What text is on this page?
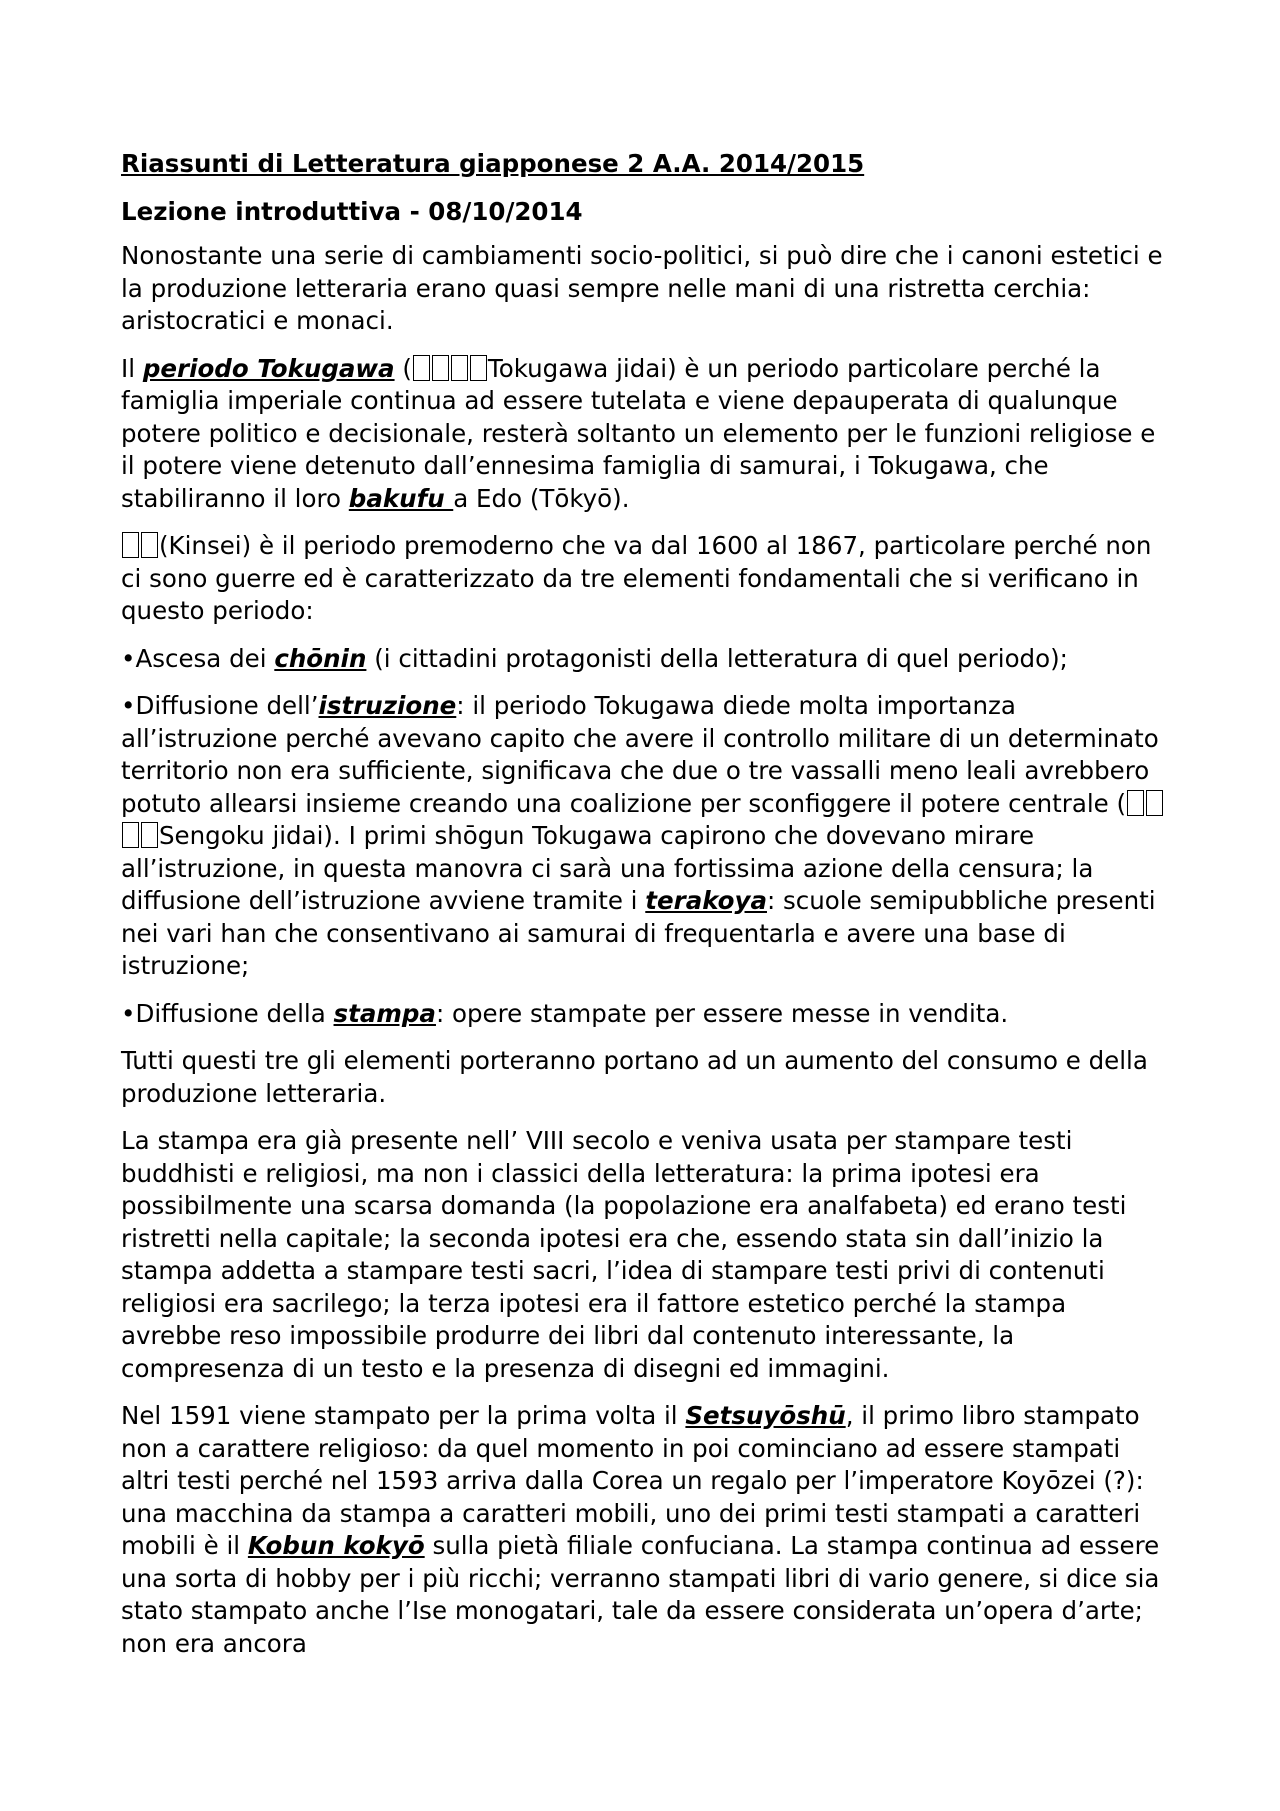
Riassunti di Letteratura giapponese 2 A.A. 2014/2015
Lezione introduttiva - 08/10/2014

Nonostante una serie di cambiamenti socio-politici, si può dire che i canoni estetici e la produzione letteraria erano quasi sempre nelle mani di una ristretta cerchia: aristocratici e monaci.

Il periodo Tokugawa (	Tokugawa jidai) è un periodo particolare perché la famiglia imperiale continua ad essere tutelata e viene depauperata di qualunque potere politico e decisionale, resterà soltanto un elemento per le funzioni religiose e il potere viene detenuto dall’ennesima famiglia di samurai, i Tokugawa, che stabiliranno il loro bakufu a Edo (Tōkyō).

(Kinsei) è il periodo premoderno che va dal 1600 al 1867, particolare perché non ci sono guerre ed è caratterizzato da tre elementi fondamentali che si verificano in questo periodo:

•Ascesa dei chōnin (i cittadini protagonisti della letteratura di quel periodo);

•Diffusione dell’istruzione: il periodo Tokugawa diede molta importanza all’istruzione perché avevano capito che avere il controllo militare di un determinato territorio non era sufficiente, significava che due o tre vassalli meno leali avrebbero potuto allearsi insieme creando una coalizione per sconfiggere il potere centrale (Sengoku jidai). I primi shōgun Tokugawa capirono che dovevano mirare all’istruzione, in questa manovra ci sarà una fortissima azione della censura; la diffusione dell’istruzione avviene tramite i terakoya: scuole semipubbliche presenti nei vari han che consentivano ai samurai di frequentarla e avere una base di istruzione;

•Diffusione della stampa: opere stampate per essere messe in vendita.

Tutti questi tre gli elementi porteranno portano ad un aumento del consumo e della produzione letteraria.

La stampa era già presente nell’ VIII secolo e veniva usata per stampare testi buddhisti e religiosi, ma non i classici della letteratura: la prima ipotesi era possibilmente una scarsa domanda (la popolazione era analfabeta) ed erano testi ristretti nella capitale; la seconda ipotesi era che, essendo stata sin dall’inizio la stampa addetta a stampare testi sacri, l’idea di stampare testi privi di contenuti religiosi era sacrilego; la terza ipotesi era il fattore estetico perché la stampa avrebbe reso impossibile produrre dei libri dal contenuto interessante, la compresenza di un testo e la presenza di disegni ed immagini.

Nel 1591 viene stampato per la prima volta il Setsuyōshū, il primo libro stampato non a carattere religioso: da quel momento in poi cominciano ad essere stampati altri testi perché nel 1593 arriva dalla Corea un regalo per l’imperatore Koyōzei (?): una macchina da stampa a caratteri mobili, uno dei primi testi stampati a caratteri mobili è il Kobun kokyō sulla pietà filiale confuciana. La stampa continua ad essere una sorta di hobby per i più ricchi; verranno stampati libri di vario genere, si dice sia stato stampato anche l’Ise monogatari, tale da essere considerata un’opera d’arte; non era ancora
